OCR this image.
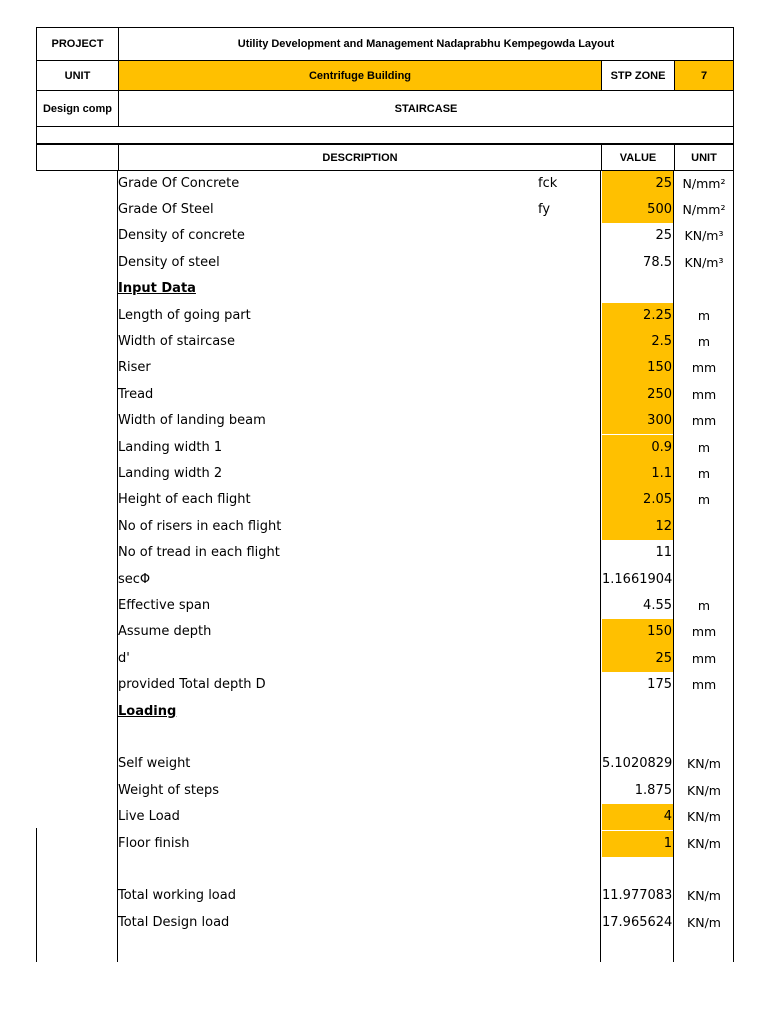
PROJECT	Utility Development and Management Nadaprabhu Kempegowda Layout
UNIT	Centrifuge Building	STP ZONE	7
Design comp	STAIRCASE
DESCRIPTION	VALUE	UNIT
Grade Of Concrete	fck	25 N/mm²
Grade Of Steel	fy	500 N/mm²
Density of concrete	25	KN/m³
Density of steel	78.5	KN/m³
Input Data
Length of going part	2.25	m
Width of staircase	2.5	m
Riser	150	mm
Tread	250	mm
Width of landing beam	300	mm
Landing width 1	0.9	m
Landing width 2	1.1	m
Height of each flight	2.05	m
No of risers in each flight	12
No of tread in each flight	11
secΦ	1.1661904
Effective span	4.55	m
Assume depth	150	mm
d'	25	mm
provided Total depth D	175	mm
Loading
Self weight	5.1020829	KN/m
Weight of steps	1.875	KN/m
Live Load	4	KN/m
Floor finish	1	KN/m
Total working load	11.977083	KN/m
Total Design load	17.965624	KN/m
